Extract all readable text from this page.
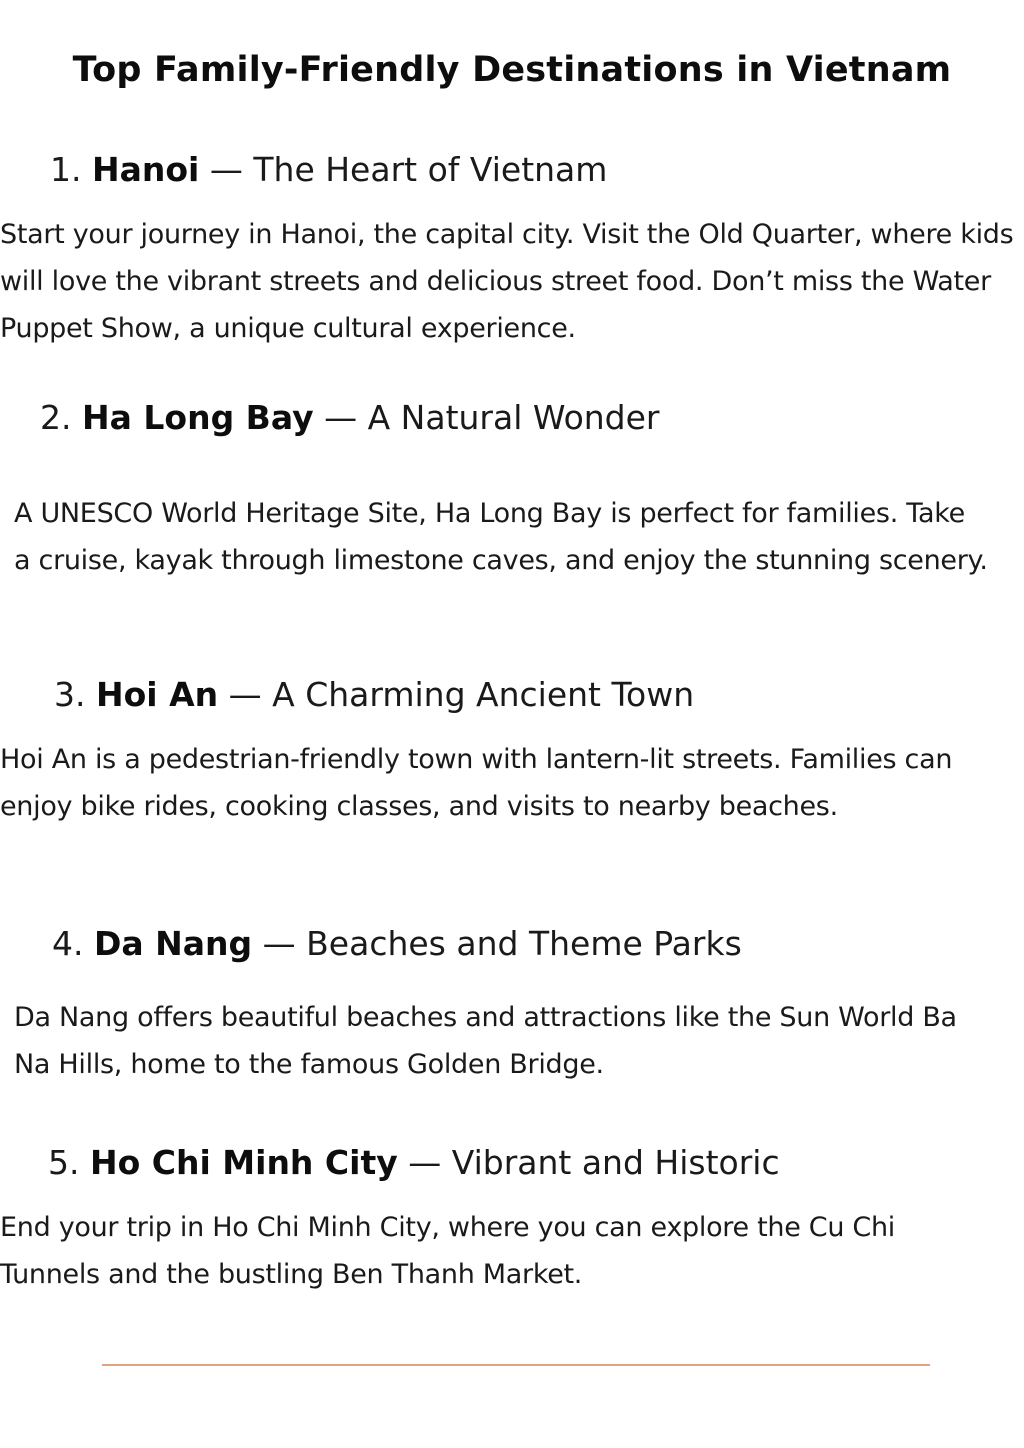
Top Family-Friendly Destinations in Vietnam
1. Hanoi — The Heart of Vietnam

Start your journey in Hanoi, the capital city. Visit the Old Quarter, where kids will love the vibrant streets and delicious street food. Don’t miss the Water Puppet Show, a unique cultural experience.

2. Ha Long Bay — A Natural Wonder

A UNESCO World Heritage Site, Ha Long Bay is perfect for families. Take a cruise, kayak through limestone caves, and enjoy the stunning scenery.

3. Hoi An — A Charming Ancient Town

Hoi An is a pedestrian-friendly town with lantern-lit streets. Families can enjoy bike rides, cooking classes, and visits to nearby beaches.

4. Da Nang — Beaches and Theme Parks

Da Nang offers beautiful beaches and attractions like the Sun World Ba Na Hills, home to the famous Golden Bridge.

5. Ho Chi Minh City — Vibrant and Historic

End your trip in Ho Chi Minh City, where you can explore the Cu Chi Tunnels and the bustling Ben Thanh Market.
